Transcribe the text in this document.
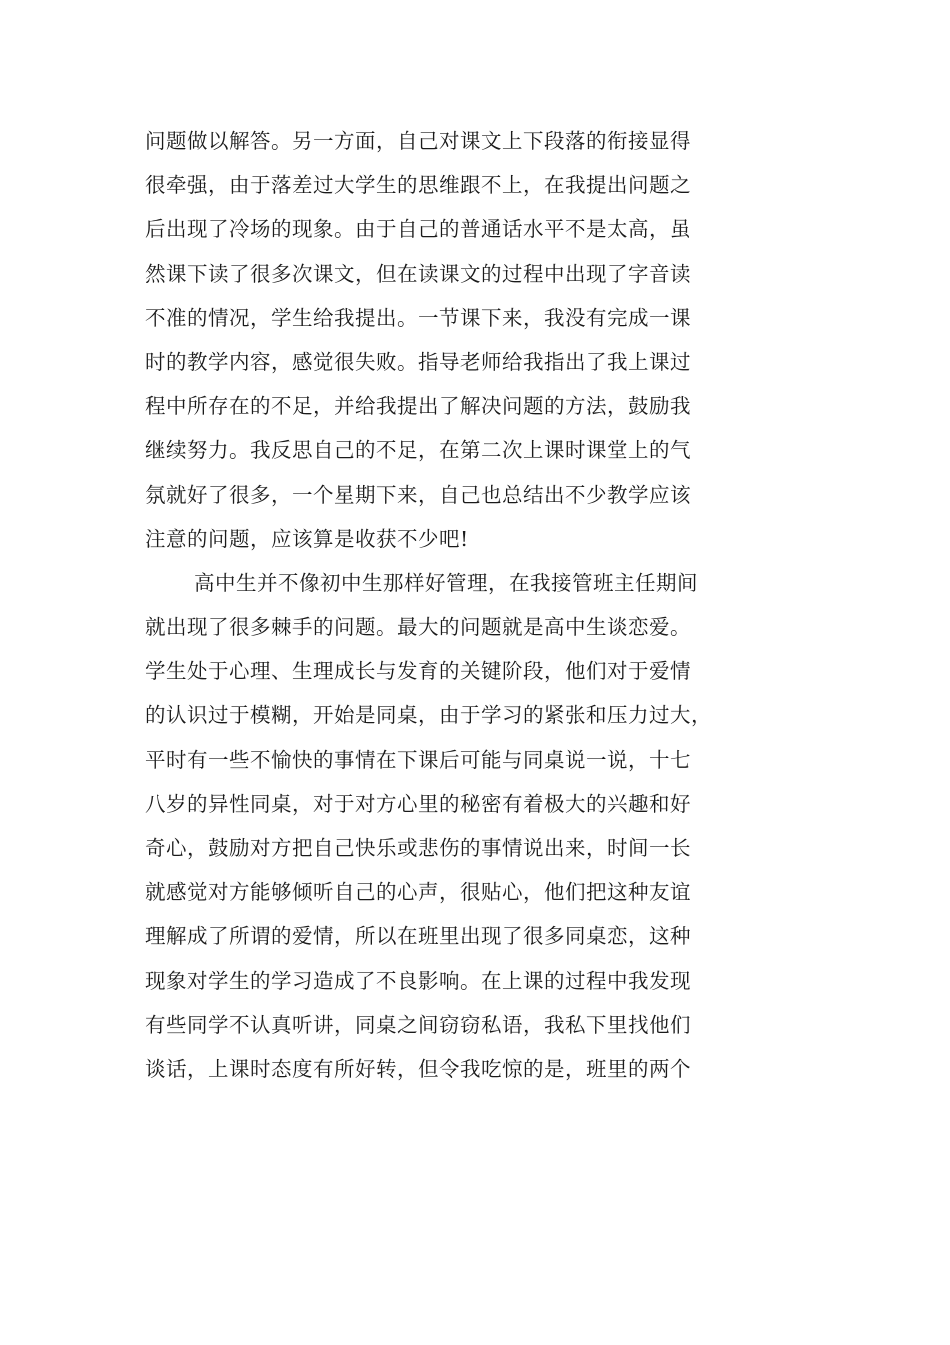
问题做以解答。另一方面，自己对课文上下段落的衔接显得
很牵强，由于落差过大学生的思维跟不上，在我提出问题之
后出现了冷场的现象。由于自己的普通话水平不是太高，虽
然课下读了很多次课文，但在读课文的过程中出现了字音读
不准的情况，学生给我提出。一节课下来，我没有完成一课
时的教学内容，感觉很失败。指导老师给我指出了我上课过
程中所存在的不足，并给我提出了解决问题的方法，鼓励我
继续努力。我反思自己的不足，在第二次上课时课堂上的气
氛就好了很多，一个星期下来，自己也总结出不少教学应该
注意的问题，应该算是收获不少吧!
高中生并不像初中生那样好管理，在我接管班主任期间
就出现了很多棘手的问题。最大的问题就是高中生谈恋爱。
学生处于心理、生理成长与发育的关键阶段，他们对于爱情
的认识过于模糊，开始是同桌，由于学习的紧张和压力过大，
平时有一些不愉快的事情在下课后可能与同桌说一说，十七
八岁的异性同桌，对于对方心里的秘密有着极大的兴趣和好
奇心，鼓励对方把自己快乐或悲伤的事情说出来，时间一长
就感觉对方能够倾听自己的心声，很贴心，他们把这种友谊
理解成了所谓的爱情，所以在班里出现了很多同桌恋，这种
现象对学生的学习造成了不良影响。在上课的过程中我发现
有些同学不认真听讲，同桌之间窃窃私语，我私下里找他们
谈话，上课时态度有所好转，但令我吃惊的是，班里的两个
